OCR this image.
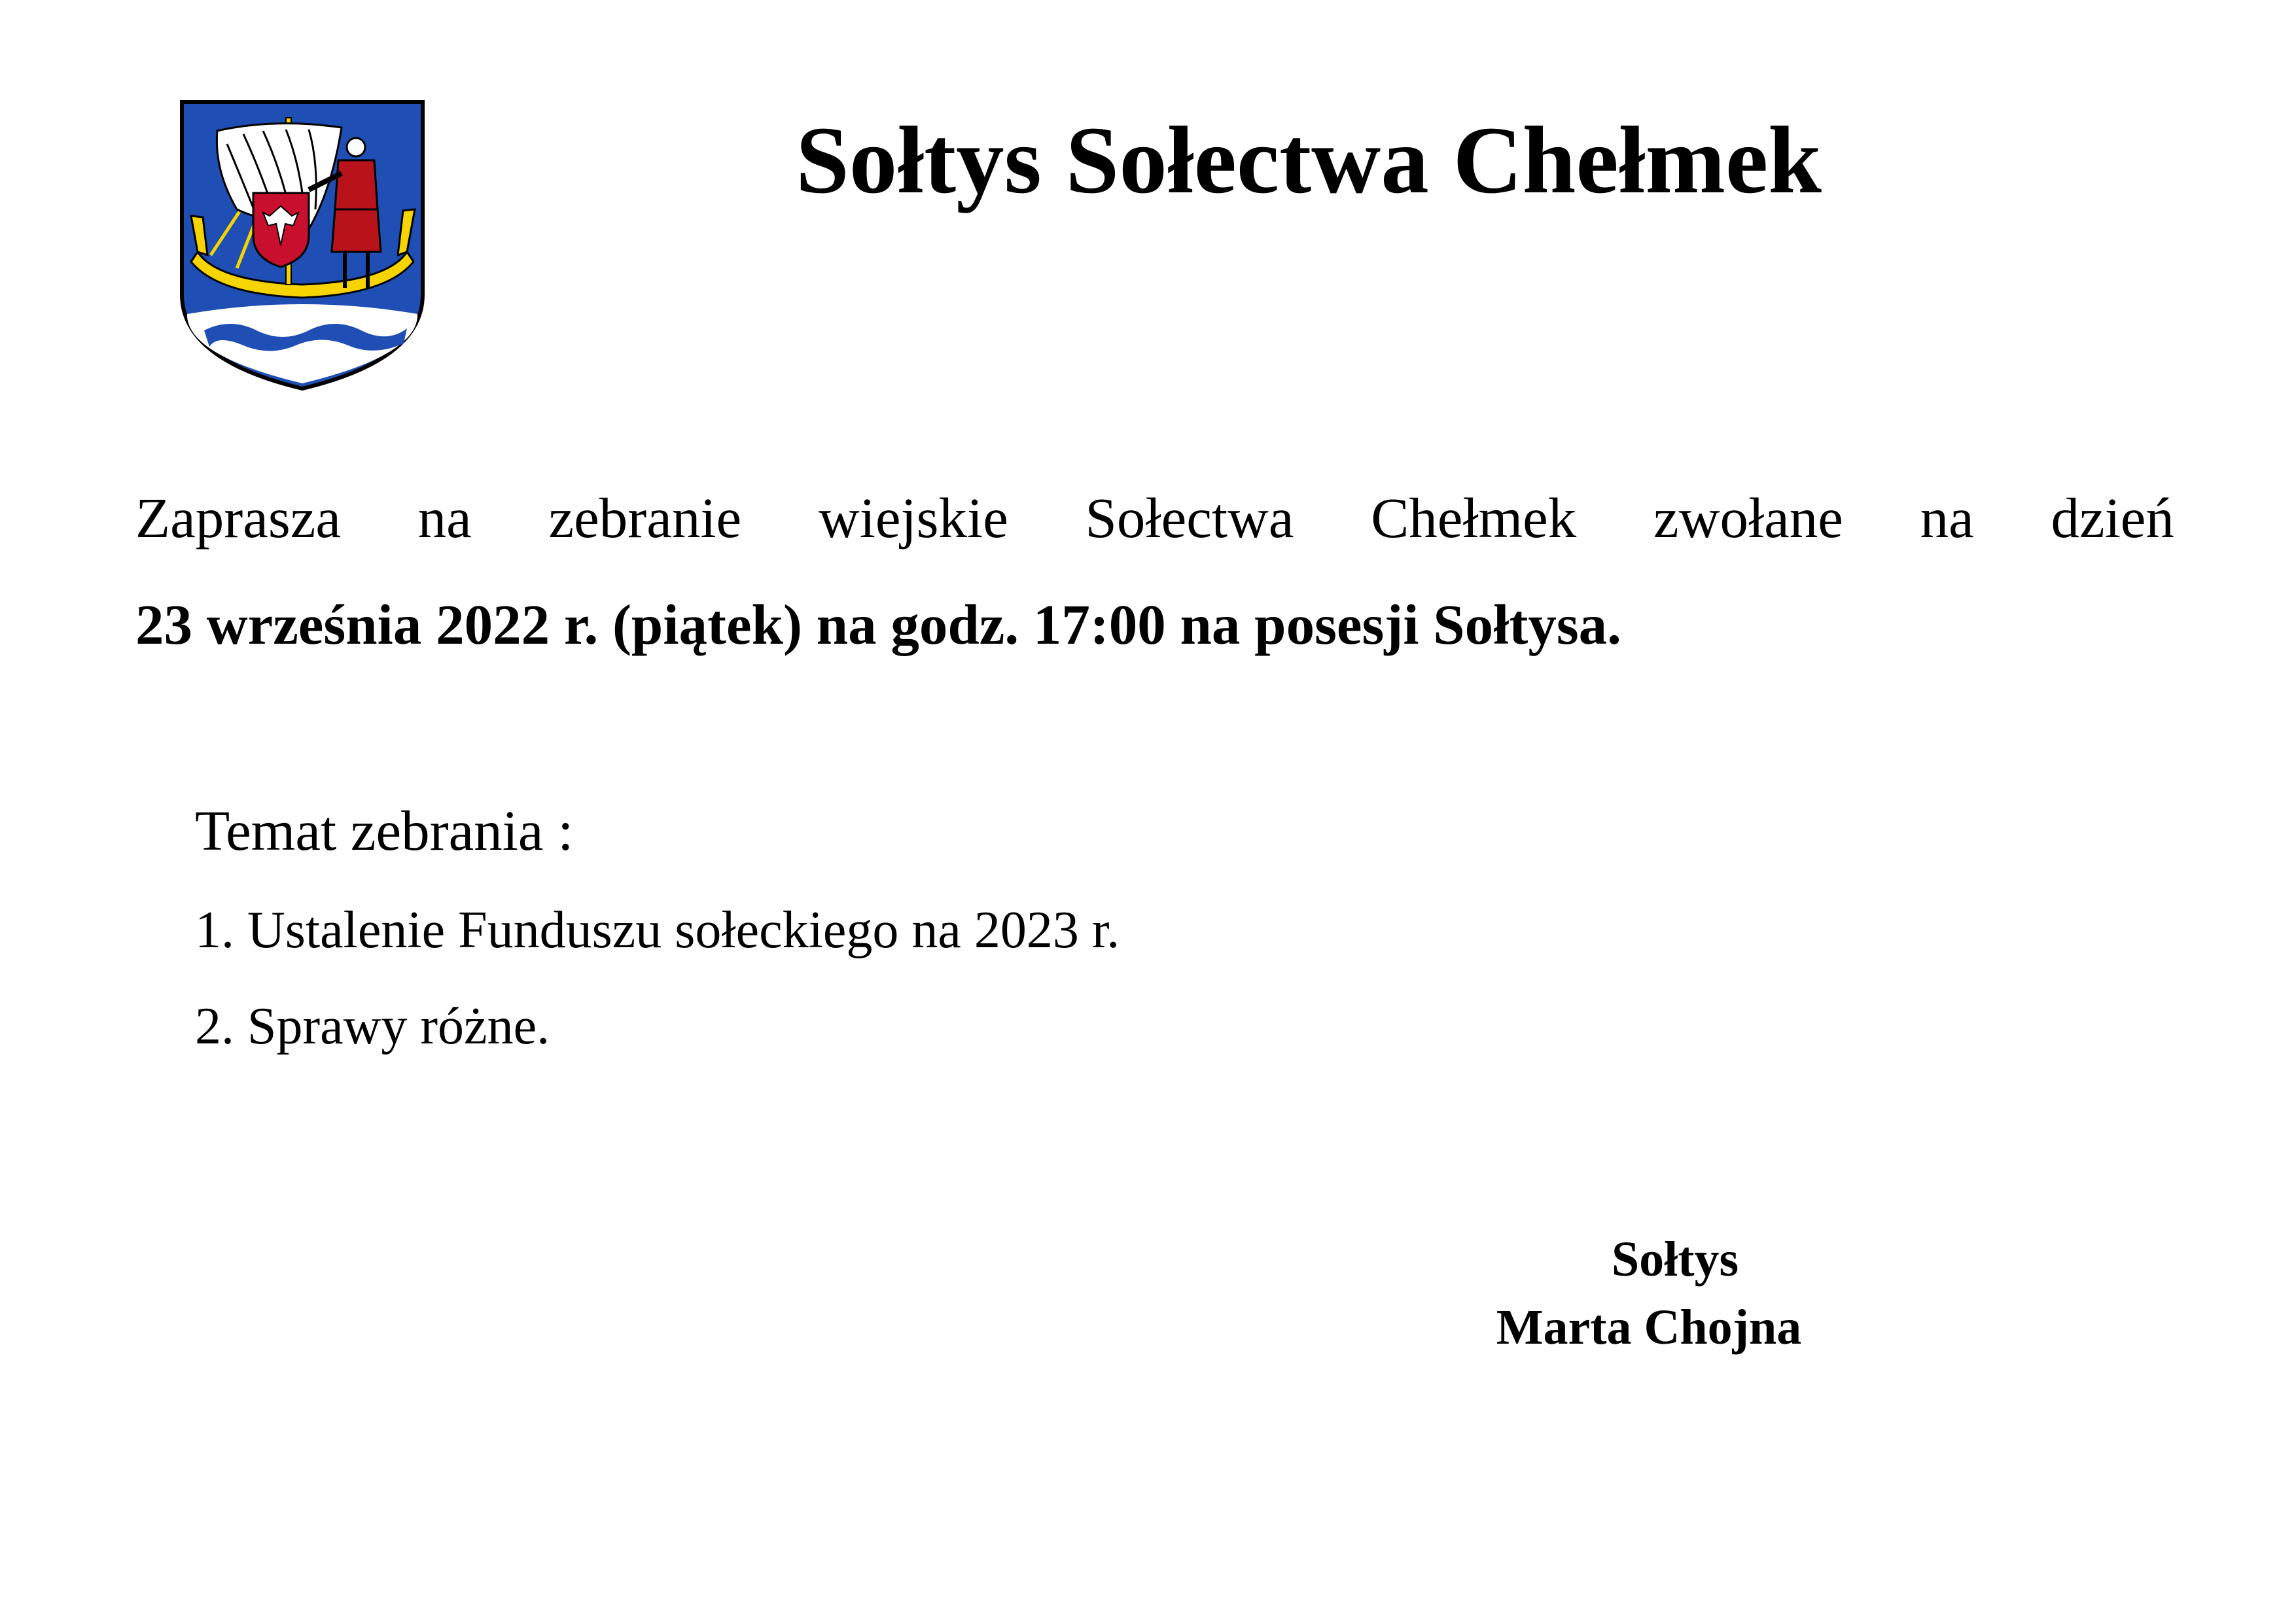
Sołtys Sołectwa Chełmek
Zaprasza na zebranie wiejskie Sołectwa Chełmek zwołane na dzień
23 września 2022 r. (piątek) na godz. 17:00 na posesji Sołtysa.
Temat zebrania :
1. Ustalenie Funduszu sołeckiego na 2023 r.
2. Sprawy różne.
Sołtys
Marta Chojna
